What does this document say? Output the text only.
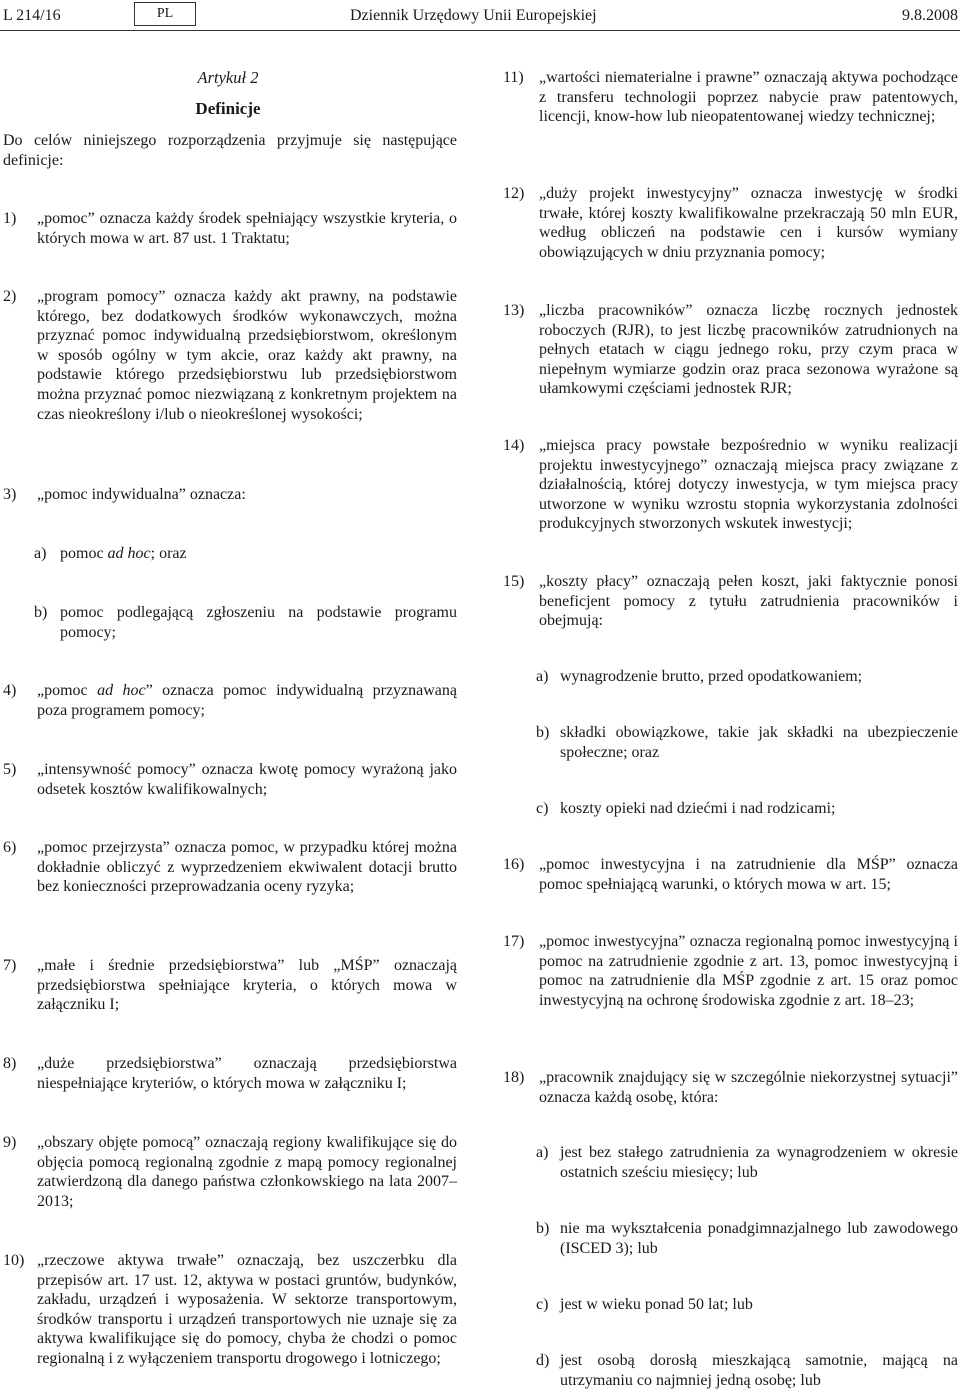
L 214/16	PL	Dziennik Urzędowy Unii Europejskiej	9.8.2008
Artykuł 2
Definicje
Do celów niniejszego rozporządzenia przyjmuje się następujące definicje:
1) „pomoc” oznacza każdy środek spełniający wszystkie kryteria, o których mowa w art. 87 ust. 1 Traktatu;
2) „program pomocy” oznacza każdy akt prawny, na podstawie którego, bez dodatkowych środków wykonawczych, można przyznać pomoc indywidualną przedsiębiorstwom, określonym w sposób ogólny w tym akcie, oraz każdy akt prawny, na podstawie którego przedsiębiorstwu lub przedsiębiorstwom można przyznać pomoc niezwiązaną z konkretnym projektem na czas nieokreślony i/lub o nieokreślonej wysokości;
3) „pomoc indywidualna” oznacza:
a) pomoc ad hoc; oraz
b) pomoc podlegającą zgłoszeniu na podstawie programu pomocy;
4) „pomoc ad hoc” oznacza pomoc indywidualną przyznawaną poza programem pomocy;
5) „intensywność pomocy” oznacza kwotę pomocy wyrażoną jako odsetek kosztów kwalifikowalnych;
6) „pomoc przejrzysta” oznacza pomoc, w przypadku której można dokładnie obliczyć z wyprzedzeniem ekwiwalent dotacji brutto bez konieczności przeprowadzania oceny ryzyka;
7) „małe i średnie przedsiębiorstwa” lub „MŚP” oznaczają przedsiębiorstwa spełniające kryteria, o których mowa w załączniku I;
8) „duże przedsiębiorstwa” oznaczają przedsiębiorstwa niespełniające kryteriów, o których mowa w załączniku I;
9) „obszary objęte pomocą” oznaczają regiony kwalifikujące się do objęcia pomocą regionalną zgodnie z mapą pomocy regionalnej zatwierdzoną dla danego państwa członkowskiego na lata 2007–2013;
10) „rzeczowe aktywa trwałe” oznaczają, bez uszczerbku dla przepisów art. 17 ust. 12, aktywa w postaci gruntów, budynków, zakładu, urządzeń i wyposażenia. W sektorze transportowym, środków transportu i urządzeń transportowych nie uznaje się za aktywa kwalifikujące się do pomocy, chyba że chodzi o pomoc regionalną i z wyłączeniem transportu drogowego i lotniczego;
11) „wartości niematerialne i prawne” oznaczają aktywa pochodzące z transferu technologii poprzez nabycie praw patentowych, licencji, know-how lub nieopatentowanej wiedzy technicznej;
12) „duży projekt inwestycyjny” oznacza inwestycję w środki trwałe, której koszty kwalifikowalne przekraczają 50 mln EUR, według obliczeń na podstawie cen i kursów wymiany obowiązujących w dniu przyznania pomocy;
13) „liczba pracowników” oznacza liczbę rocznych jednostek roboczych (RJR), to jest liczbę pracowników zatrudnionych na pełnych etatach w ciągu jednego roku, przy czym praca w niepełnym wymiarze godzin oraz praca sezonowa wyrażone są ułamkowymi częściami jednostek RJR;
14) „miejsca pracy powstałe bezpośrednio w wyniku realizacji projektu inwestycyjnego” oznaczają miejsca pracy związane z działalnością, której dotyczy inwestycja, w tym miejsca pracy utworzone w wyniku wzrostu stopnia wykorzystania zdolności produkcyjnych stworzonych wskutek inwestycji;
15) „koszty płacy” oznaczają pełen koszt, jaki faktycznie ponosi beneficjent pomocy z tytułu zatrudnienia pracowników i obejmują:
a) wynagrodzenie brutto, przed opodatkowaniem;
b) składki obowiązkowe, takie jak składki na ubezpieczenie społeczne; oraz
c) koszty opieki nad dziećmi i nad rodzicami;
16) „pomoc inwestycyjna i na zatrudnienie dla MŚP” oznacza pomoc spełniającą warunki, o których mowa w art. 15;
17) „pomoc inwestycyjna” oznacza regionalną pomoc inwestycyjną i pomoc na zatrudnienie zgodnie z art. 13, pomoc inwestycyjną i pomoc na zatrudnienie dla MŚP zgodnie z art. 15 oraz pomoc inwestycyjną na ochronę środowiska zgodnie z art. 18–23;
18) „pracownik znajdujący się w szczególnie niekorzystnej sytuacji” oznacza każdą osobę, która:
a) jest bez stałego zatrudnienia za wynagrodzeniem w okresie ostatnich sześciu miesięcy; lub
b) nie ma wykształcenia ponadgimnazjalnego lub zawodowego (ISCED 3); lub
c) jest w wieku ponad 50 lat; lub
d) jest osobą dorosłą mieszkającą samotnie, mającą na utrzymaniu co najmniej jedną osobę; lub
